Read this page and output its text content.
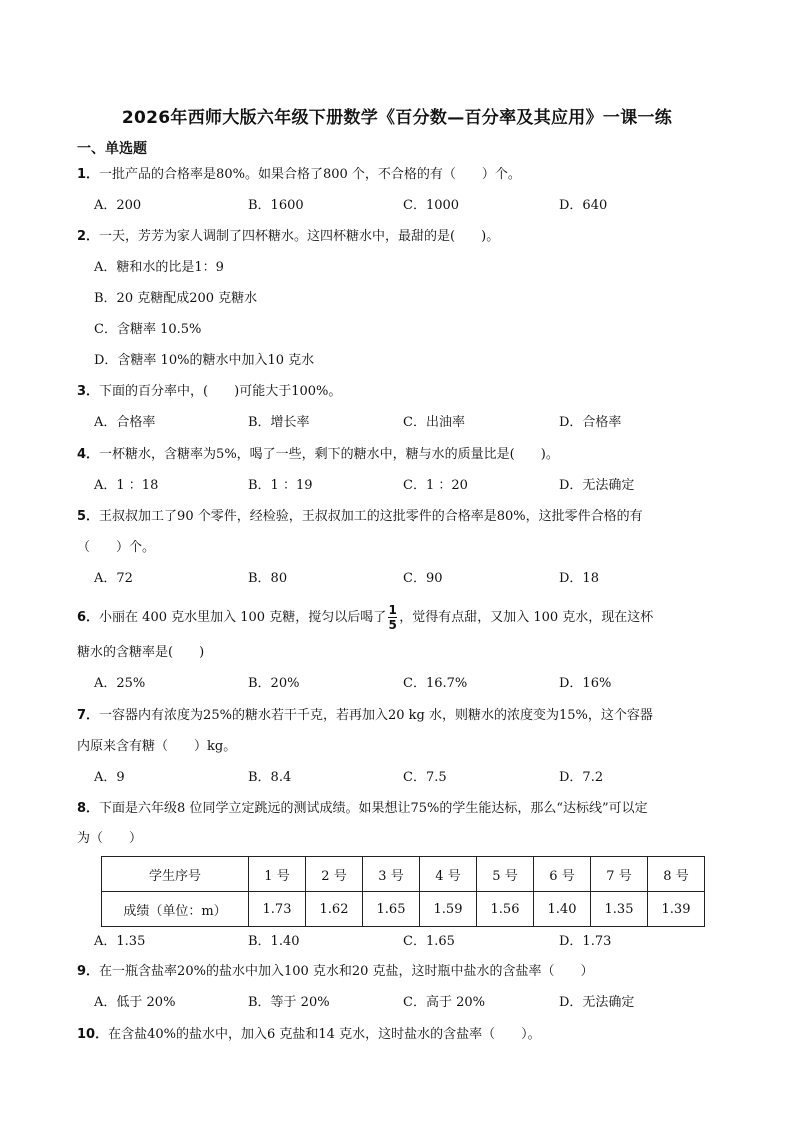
2026年西师大版六年级下册数学《百分数—百分率及其应用》一课一练
一、单选题
1．一批产品的合格率是80%。如果合格了800 个，不合格的有（　　）个。
A．200	B．1600	C．1000	D．640
2．一天，芳芳为家人调制了四杯糖水。这四杯糖水中，最甜的是(　　)。
A．糖和水的比是1：9
B．20 克糖配成200 克糖水
C．含糖率 10.5%
D．含糖率 10%的糖水中加入10 克水
3．下面的百分率中，(　　)可能大于100%。
A．合格率	B．增长率	C．出油率	D．合格率
4．一杯糖水，含糖率为5%，喝了一些，剩下的糖水中，糖与水的质量比是(　　)。
A．1 ：18	B．1 ：19	C．1 ：20	D．无法确定
5．王叔叔加工了90 个零件，经检验，王叔叔加工的这批零件的合格率是80%，这批零件合格的有
（　　）个。
A．72	B．80	C．90	D．18
6．小丽在 400 克水里加入 100 克糖，搅匀以后喝了 $\frac{1}{5}$ ，觉得有点甜，又加入 100 克水，现在这杯
糖水的含糖率是(　　)
A．25%	B．20%	C．16.7%	D．16%
7．一容器内有浓度为25%的糖水若干千克，若再加入20 kg 水，则糖水的浓度变为15%，这个容器
内原来含有糖（　　）kg。
A．9	B．8.4	C．7.5	D．7.2
8．下面是六年级8 位同学立定跳远的测试成绩。如果想让75%的学生能达标，那么“达标线”可以定
为（　　）
学生序号	1 号	2 号	3 号	4 号	5 号	6 号	7 号	8 号
成绩（单位：m）	1.73	1.62	1.65	1.59	1.56	1.40	1.35	1.39
A．1.35	B．1.40	C．1.65	D．1.73
9．在一瓶含盐率20%的盐水中加入100 克水和20 克盐，这时瓶中盐水的含盐率（　　）
A．低于 20%	B．等于 20%	C．高于 20%	D．无法确定
10．在含盐40%的盐水中，加入6 克盐和14 克水，这时盐水的含盐率（　　）。
